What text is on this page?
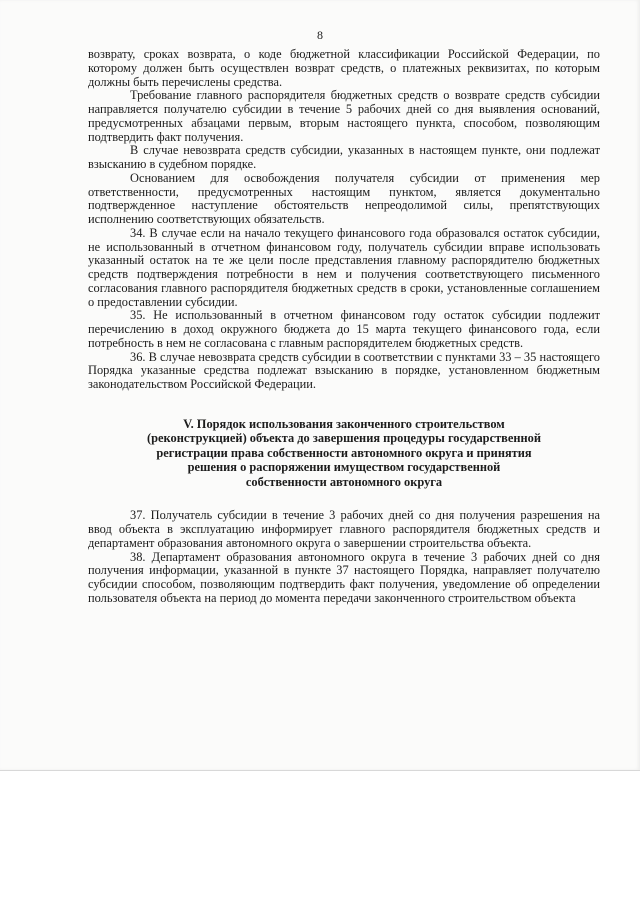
8

возврату, сроках возврата, о коде бюджетной классификации Российской Федерации, по которому должен быть осуществлен возврат средств, о платежных реквизитах, по которым должны быть перечислены средства.

Требование главного распорядителя бюджетных средств о возврате средств субсидии направляется получателю субсидии в течение 5 рабочих дней со дня выявления оснований, предусмотренных абзацами первым, вторым настоящего пункта, способом, позволяющим подтвердить факт получения.

В случае невозврата средств субсидии, указанных в настоящем пункте, они подлежат взысканию в судебном порядке.

Основанием для освобождения получателя субсидии от применения мер ответственности, предусмотренных настоящим пунктом, является документально подтвержденное наступление обстоятельств непреодолимой силы, препятствующих исполнению соответствующих обязательств.

34. В случае если на начало текущего финансового года образовался остаток субсидии, не использованный в отчетном финансовом году, получатель субсидии вправе использовать указанный остаток на те же цели после представления главному распорядителю бюджетных средств подтверждения потребности в нем и получения соответствующего письменного согласования главного распорядителя бюджетных средств в сроки, установленные соглашением о предоставлении субсидии.

35. Не использованный в отчетном финансовом году остаток субсидии подлежит перечислению в доход окружного бюджета до 15 марта текущего финансового года, если потребность в нем не согласована с главным распорядителем бюджетных средств.

36. В случае невозврата средств субсидии в соответствии с пунктами 33 – 35 настоящего Порядка указанные средства подлежат взысканию в порядке, установленном бюджетным законодательством Российской Федерации.

V. Порядок использования законченного строительством
(реконструкцией) объекта до завершения процедуры государственной
регистрации права собственности автономного округа и принятия
решения о распоряжении имуществом государственной
собственности автономного округа

37. Получатель субсидии в течение 3 рабочих дней со дня получения разрешения на ввод объекта в эксплуатацию информирует главного распорядителя бюджетных средств и департамент образования автономного округа о завершении строительства объекта.

38. Департамент образования автономного округа в течение 3 рабочих дней со дня получения информации, указанной в пункте 37 настоящего Порядка, направляет получателю субсидии способом, позволяющим подтвердить факт получения, уведомление об определении пользователя объекта на период до момента передачи законченного строительством объекта
